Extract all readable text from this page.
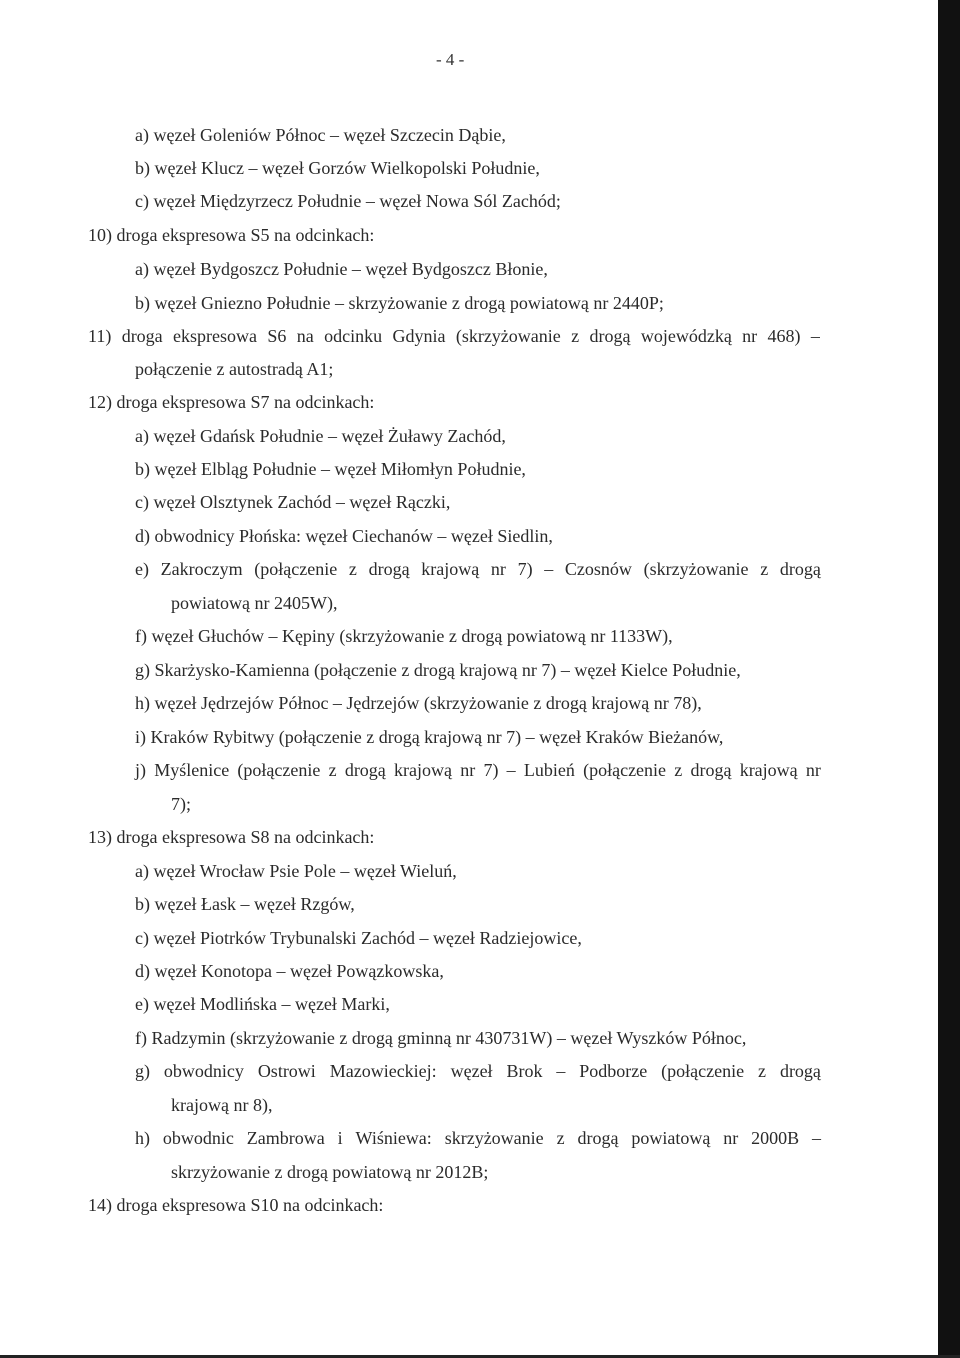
- 4 -
a) węzeł Goleniów Północ – węzeł Szczecin Dąbie,
b) węzeł Klucz – węzeł Gorzów Wielkopolski Południe,
c) węzeł Międzyrzecz Południe – węzeł Nowa Sól Zachód;
10) droga ekspresowa S5 na odcinkach:
a) węzeł Bydgoszcz Południe – węzeł Bydgoszcz Błonie,
b) węzeł Gniezno Południe – skrzyżowanie z drogą powiatową nr 2440P;
11) droga ekspresowa S6 na odcinku Gdynia (skrzyżowanie z drogą wojewódzką nr 468) –
połączenie z autostradą A1;
12) droga ekspresowa S7 na odcinkach:
a) węzeł Gdańsk Południe – węzeł Żuławy Zachód,
b) węzeł Elbląg Południe – węzeł Miłomłyn Południe,
c) węzeł Olsztynek Zachód – węzeł Rączki,
d) obwodnicy Płońska: węzeł Ciechanów – węzeł Siedlin,
e) Zakroczym (połączenie z drogą krajową nr 7) – Czosnów (skrzyżowanie z drogą
powiatową nr 2405W),
f) węzeł Głuchów – Kępiny (skrzyżowanie z drogą powiatową nr 1133W),
g) Skarżysko-Kamienna (połączenie z drogą krajową nr 7) – węzeł Kielce Południe,
h) węzeł Jędrzejów Północ – Jędrzejów (skrzyżowanie z drogą krajową nr 78),
i) Kraków Rybitwy (połączenie z drogą krajową nr 7) – węzeł Kraków Bieżanów,
j) Myślenice (połączenie z drogą krajową nr 7) – Lubień (połączenie z drogą krajową nr
7);
13) droga ekspresowa S8 na odcinkach:
a) węzeł Wrocław Psie Pole – węzeł Wieluń,
b) węzeł Łask – węzeł Rzgów,
c) węzeł Piotrków Trybunalski Zachód – węzeł Radziejowice,
d) węzeł Konotopa – węzeł Powązkowska,
e) węzeł Modlińska – węzeł Marki,
f) Radzymin (skrzyżowanie z drogą gminną nr 430731W) – węzeł Wyszków Północ,
g) obwodnicy Ostrowi Mazowieckiej: węzeł Brok – Podborze (połączenie z drogą
krajową nr 8),
h) obwodnic Zambrowa i Wiśniewa: skrzyżowanie z drogą powiatową nr 2000B –
skrzyżowanie z drogą powiatową nr 2012B;
14) droga ekspresowa S10 na odcinkach:
